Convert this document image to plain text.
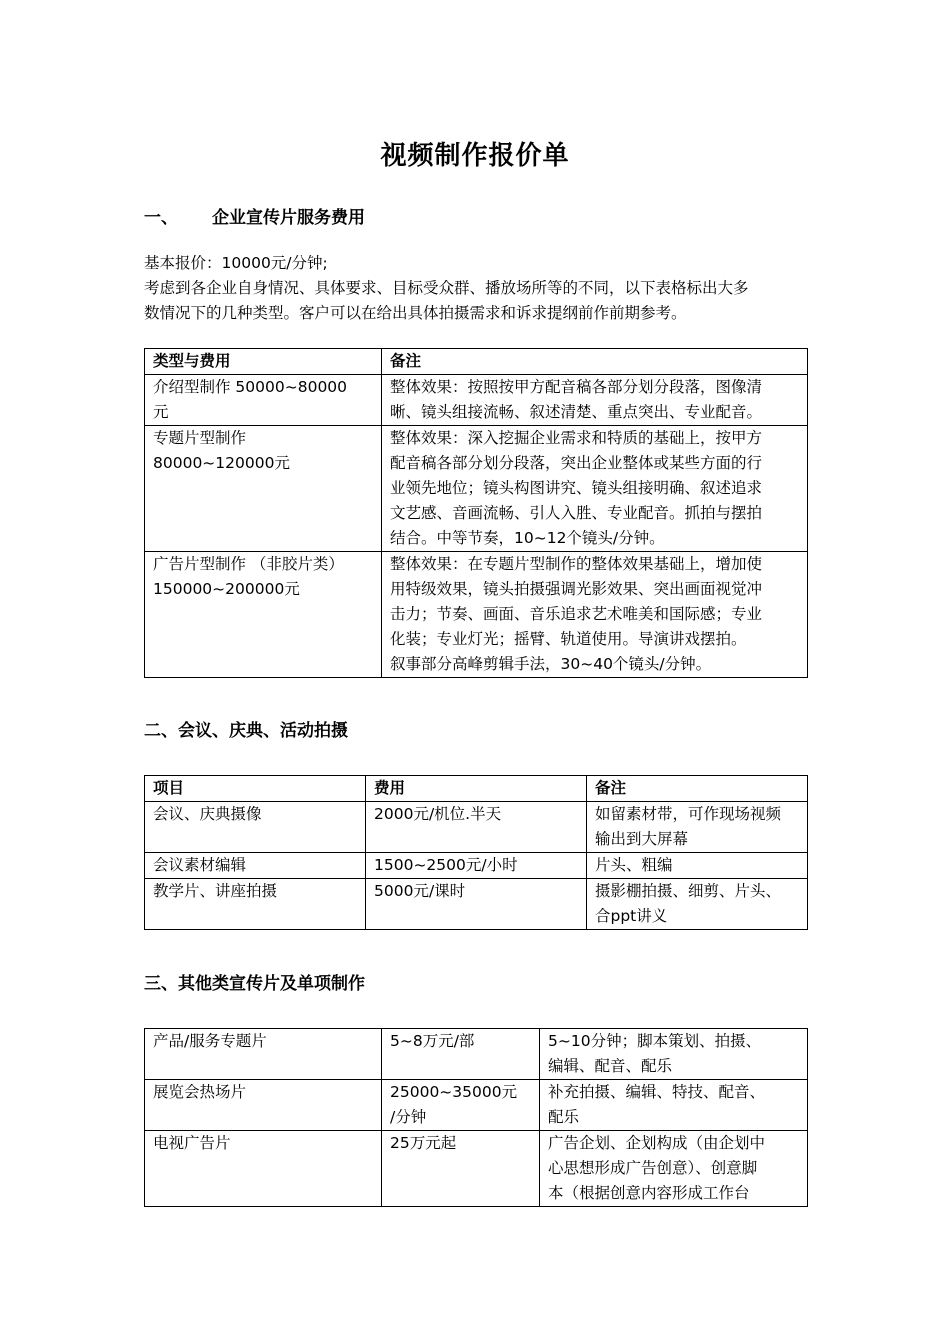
视频制作报价单
一、 企业宣传片服务费用
基本报价：10000元/分钟;
考虑到各企业自身情况、具体要求、目标受众群、播放场所等的不同，以下表格标出大多
数情况下的几种类型。客户可以在给出具体拍摄需求和诉求提纲前作前期参考。
类型与费用	备注

介绍型制作 50000~80000
元	整体效果：按照按甲方配音稿各部分划分段落，图像清
晰、镜头组接流畅、叙述清楚、重点突出、专业配音。

专题片型制作
80000~120000元	整体效果：深入挖掘企业需求和特质的基础上，按甲方
配音稿各部分划分段落，突出企业整体或某些方面的行
业领先地位；镜头构图讲究、镜头组接明确、叙述追求
文艺感、音画流畅、引人入胜、专业配音。抓拍与摆拍
结合。中等节奏，10~12个镜头/分钟。

广告片型制作 （非胶片类）
150000~200000元	整体效果：在专题片型制作的整体效果基础上，增加使
用特级效果，镜头拍摄强调光影效果、突出画面视觉冲
击力；节奏、画面、音乐追求艺术唯美和国际感；专业
化装；专业灯光；摇臂、轨道使用。导演讲戏摆拍。
叙事部分高峰剪辑手法，30~40个镜头/分钟。
二、会议、庆典、活动拍摄
项目	费用	备注

会议、庆典摄像	2000元/机位.半天	如留素材带，可作现场视频
输出到大屏幕

会议素材编辑	1500~2500元/小时	片头、粗编

教学片、讲座拍摄	5000元/课时	摄影棚拍摄、细剪、片头、
合ppt讲义
三、其他类宣传片及单项制作
产品/服务专题片	5~8万元/部	5~10分钟；脚本策划、拍摄、
编辑、配音、配乐

展览会热场片	25000~35000元
/分钟	补充拍摄、编辑、特技、配音、
配乐

电视广告片	25万元起	广告企划、企划构成（由企划中
心思想形成广告创意）、创意脚
本（根据创意内容形成工作台
